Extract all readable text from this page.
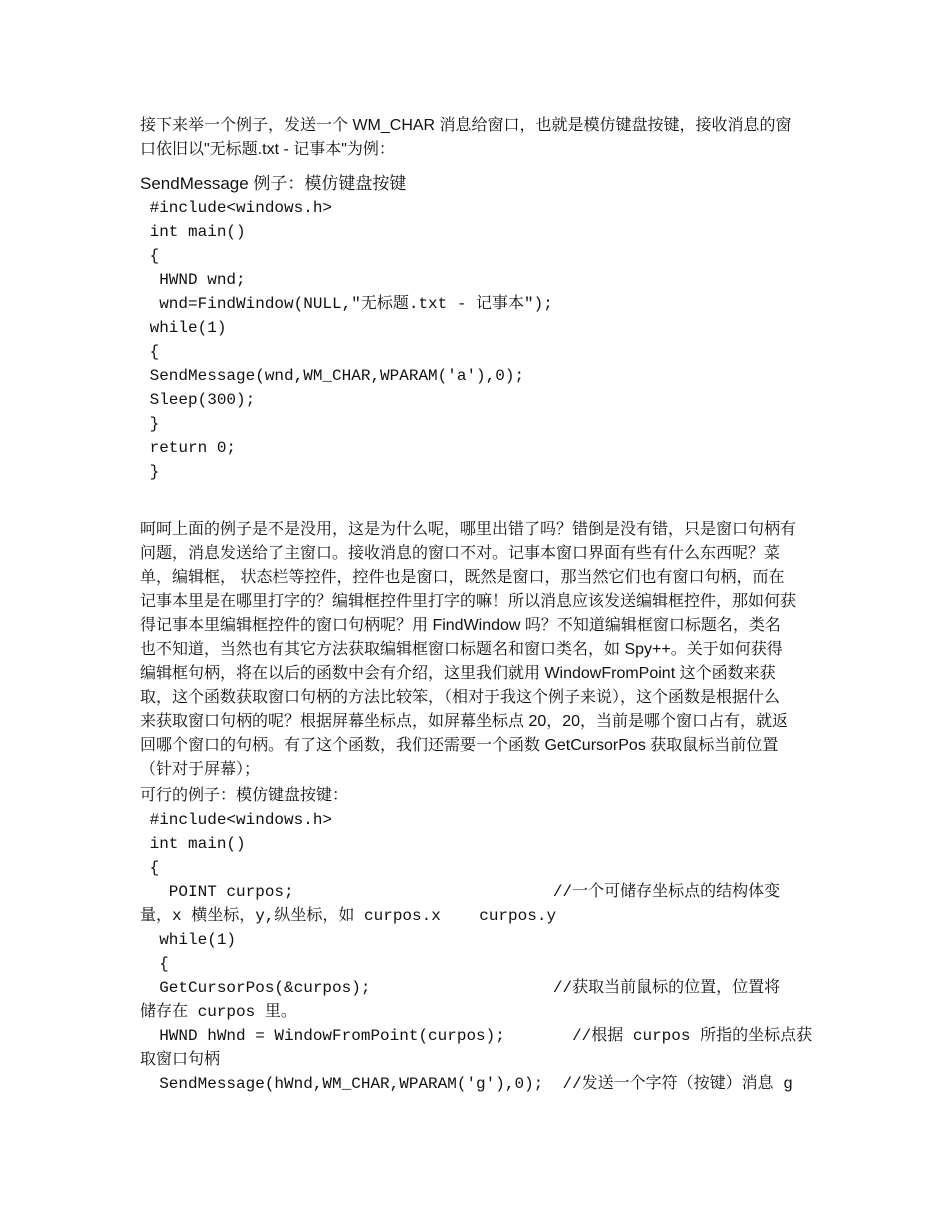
接下来举一个例子，发送一个 WM_CHAR 消息给窗口，也就是模仿键盘按键，接收消息的窗
口依旧以"无标题.txt - 记事本"为例：
SendMessage 例子：模仿键盘按键
#include<windows.h>
int main()
{
HWND wnd;
wnd=FindWindow(NULL,"无标题.txt - 记事本");
while(1)
{
SendMessage(wnd,WM_CHAR,WPARAM('a'),0);
Sleep(300);
}
return 0;
}
呵呵上面的例子是不是没用，这是为什么呢，哪里出错了吗？错倒是没有错，只是窗口句柄有
问题，消息发送给了主窗口。接收消息的窗口不对。记事本窗口界面有些有什么东西呢？菜
单，编辑框， 状态栏等控件，控件也是窗口，既然是窗口，那当然它们也有窗口句柄，而在
记事本里是在哪里打字的？编辑框控件里打字的嘛！所以消息应该发送编辑框控件，那如何获
得记事本里编辑框控件的窗口句柄呢？用 FindWindow 吗？不知道编辑框窗口标题名，类名
也不知道，当然也有其它方法获取编辑框窗口标题名和窗口类名，如 Spy++。关于如何获得
编辑框句柄，将在以后的函数中会有介绍，这里我们就用 WindowFromPoint 这个函数来获
取，这个函数获取窗口句柄的方法比较笨，（相对于我这个例子来说），这个函数是根据什么
来获取窗口句柄的呢？根据屏幕坐标点，如屏幕坐标点 20，20，当前是哪个窗口占有，就返
回哪个窗口的句柄。有了这个函数，我们还需要一个函数 GetCursorPos 获取鼠标当前位置
（针对于屏幕）；
可行的例子：模仿键盘按键：
#include<windows.h>
int main()
{
POINT curpos;                           //一个可储存坐标点的结构体变
量，x 横坐标，y,纵坐标，如 curpos.x    curpos.y
while(1)
{
GetCursorPos(&curpos);                   //获取当前鼠标的位置，位置将
储存在 curpos 里。
HWND hWnd = WindowFromPoint(curpos);       //根据 curpos 所指的坐标点获
取窗口句柄
SendMessage(hWnd,WM_CHAR,WPARAM('g'),0);  //发送一个字符（按键）消息 g
